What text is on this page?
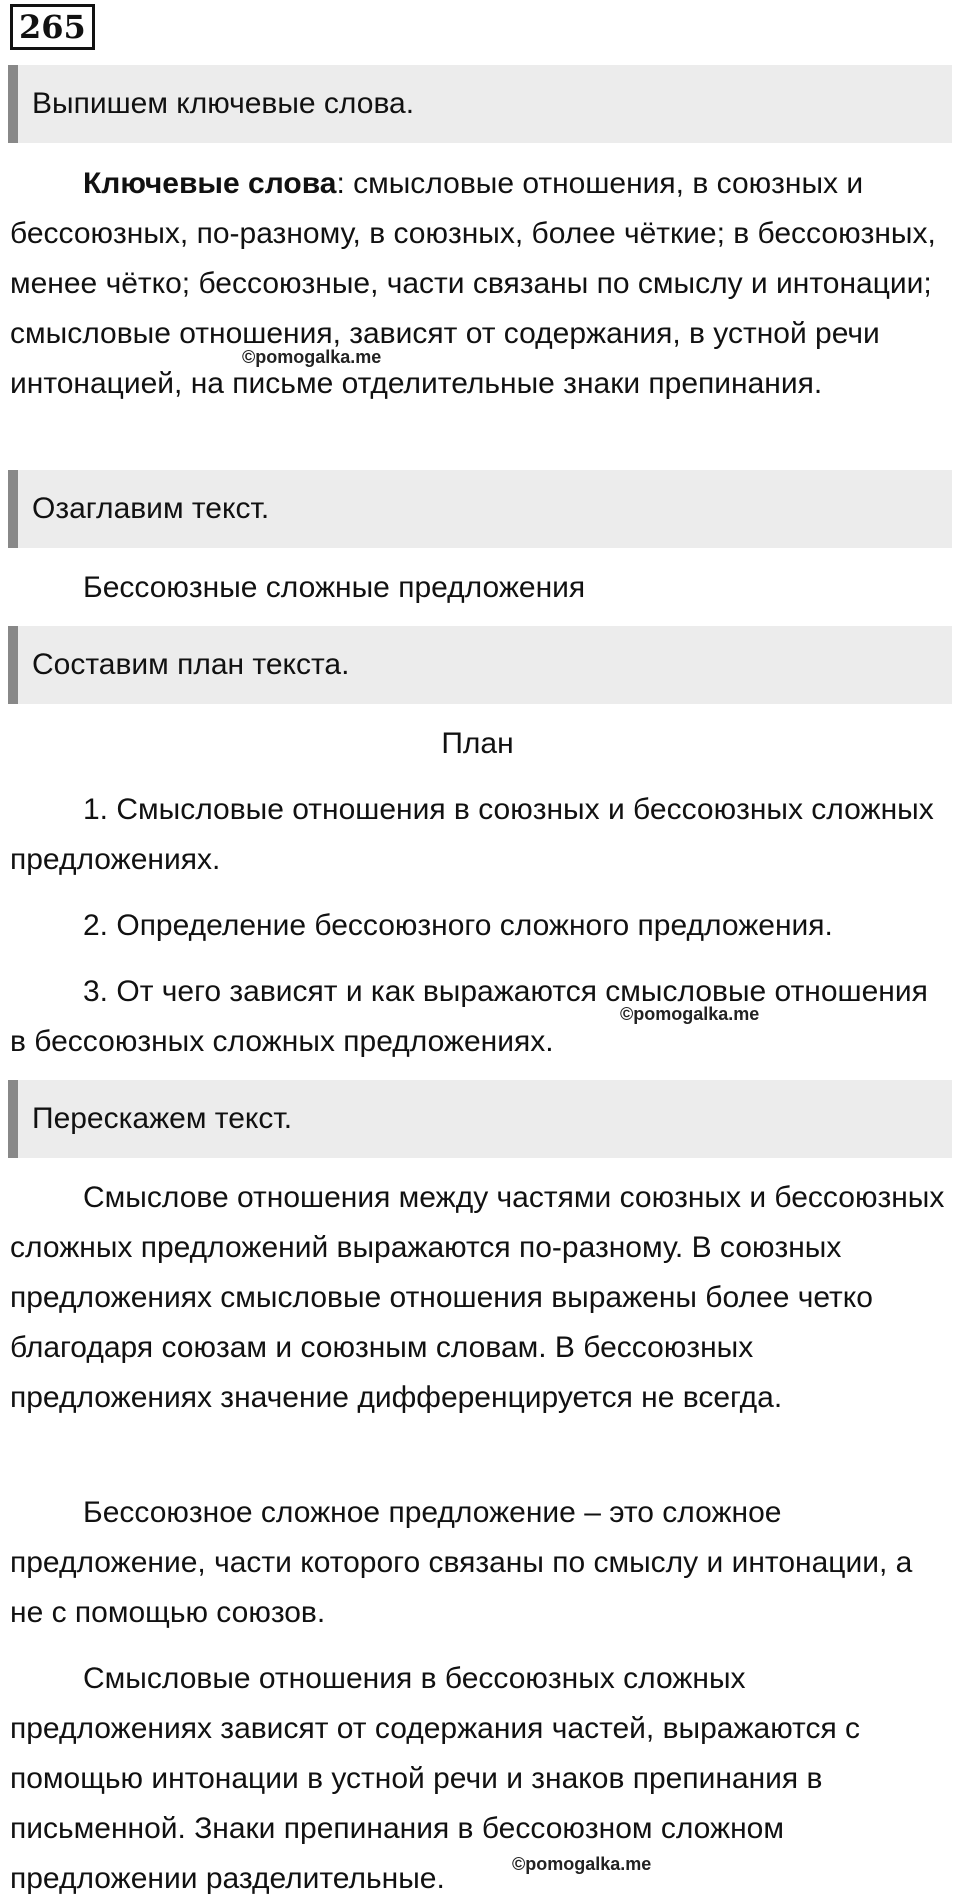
265
Выпишем ключевые слова.

Ключевые слова: смысловые отношения, в союзных и бессоюзных, по-разному, в союзных, более чёткие; в бессоюзных, менее чётко; бессоюзные, части связаны по смыслу и интонации; смысловые отношения, зависят от содержания, в устной речи интонацией, на письме отделительные знаки препинания.

©pomogalka.me
Озаглавим текст.

Бессоюзные сложные предложения

Составим план текста.

План

1. Смысловые отношения в союзных и бессоюзных сложных предложениях.

2. Определение бессоюзного сложного предложения.

3. От чего зависят и как выражаются смысловые отношения в бессоюзных сложных предложениях.

©pomogalka.me
Перескажем текст.

Смыслове отношения между частями союзных и бессоюзных сложных предложений выражаются по-разному. В союзных предложениях смысловые отношения выражены более четко благодаря союзам и союзным словам. В бессоюзных предложениях значение дифференцируется не всегда.

Бессоюзное сложное предложение – это сложное предложение, части которого связаны по смыслу и интонации, а не с помощью союзов.

Смысловые отношения в бессоюзных сложных предложениях зависят от содержания частей, выражаются с помощью интонации в устной речи и знаков препинания в письменной. Знаки препинания в бессоюзном сложном предложении разделительные.	©pomogalka.me
